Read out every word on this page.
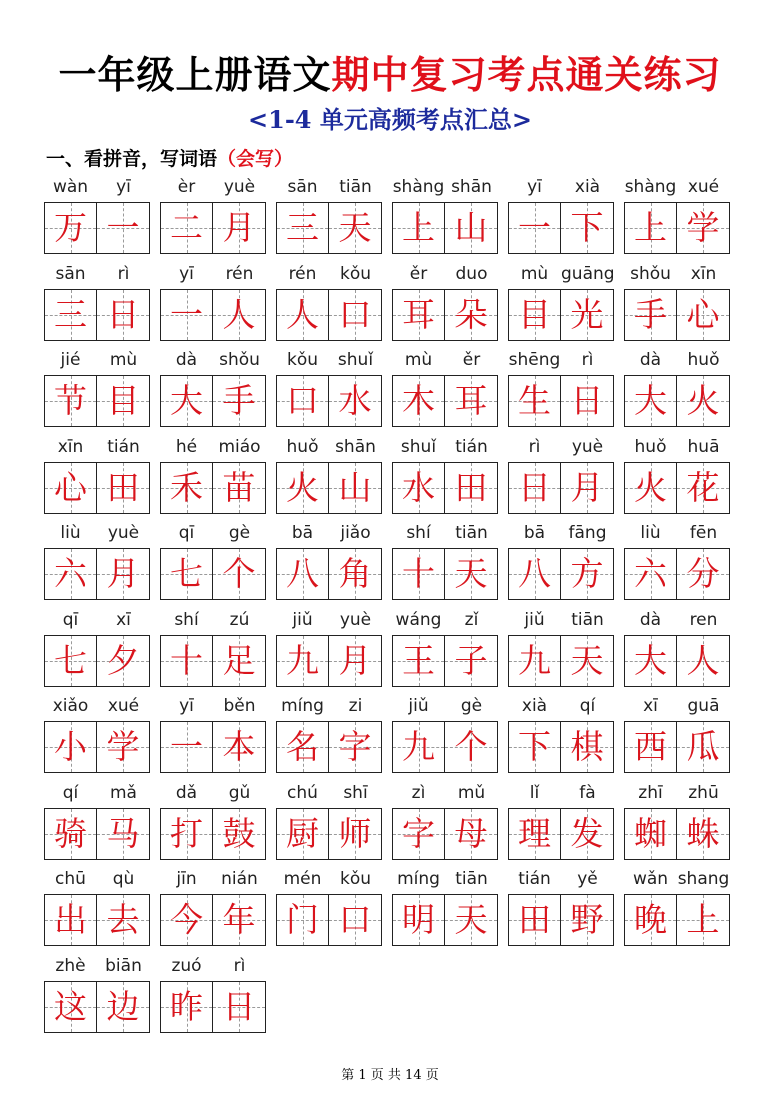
一年级上册语文期中复习考点通关练习
<1-4 单元高频考点汇总>
一、看拼音，写词语（会写）
wàn
万
yī
一
èr
二
yuè
月
sān
三
tiān
天
shàng
上
shān
山
yī
一
xià
下
shàng
上
xué
学
sān
三
rì
日
yī
一
rén
人
rén
人
kǒu
口
ěr
耳
duo
朵
mù
目
guāng
光
shǒu
手
xīn
心
jié
节
mù
目
dà
大
shǒu
手
kǒu
口
shuǐ
水
mù
木
ěr
耳
shēng
生
rì
日
dà
大
huǒ
火
xīn
心
tián
田
hé
禾
miáo
苗
huǒ
火
shān
山
shuǐ
水
tián
田
rì
日
yuè
月
huǒ
火
huā
花
liù
六
yuè
月
qī
七
gè
个
bā
八
jiǎo
角
shí
十
tiān
天
bā
八
fāng
方
liù
六
fēn
分
qī
七
xī
夕
shí
十
zú
足
jiǔ
九
yuè
月
wáng
王
zǐ
子
jiǔ
九
tiān
天
dà
大
ren
人
xiǎo
小
xué
学
yī
一
běn
本
míng
名
zi
字
jiǔ
九
gè
个
xià
下
qí
棋
xī
西
guā
瓜
qí
骑
mǎ
马
dǎ
打
gǔ
鼓
chú
厨
shī
师
zì
字
mǔ
母
lǐ
理
fà
发
zhī
蜘
zhū
蛛
chū
出
qù
去
jīn
今
nián
年
mén
门
kǒu
口
míng
明
tiān
天
tián
田
yě
野
wǎn
晚
shang
上
zhè
这
biān
边
zuó
昨
rì
日
第 1 页 共 14 页
